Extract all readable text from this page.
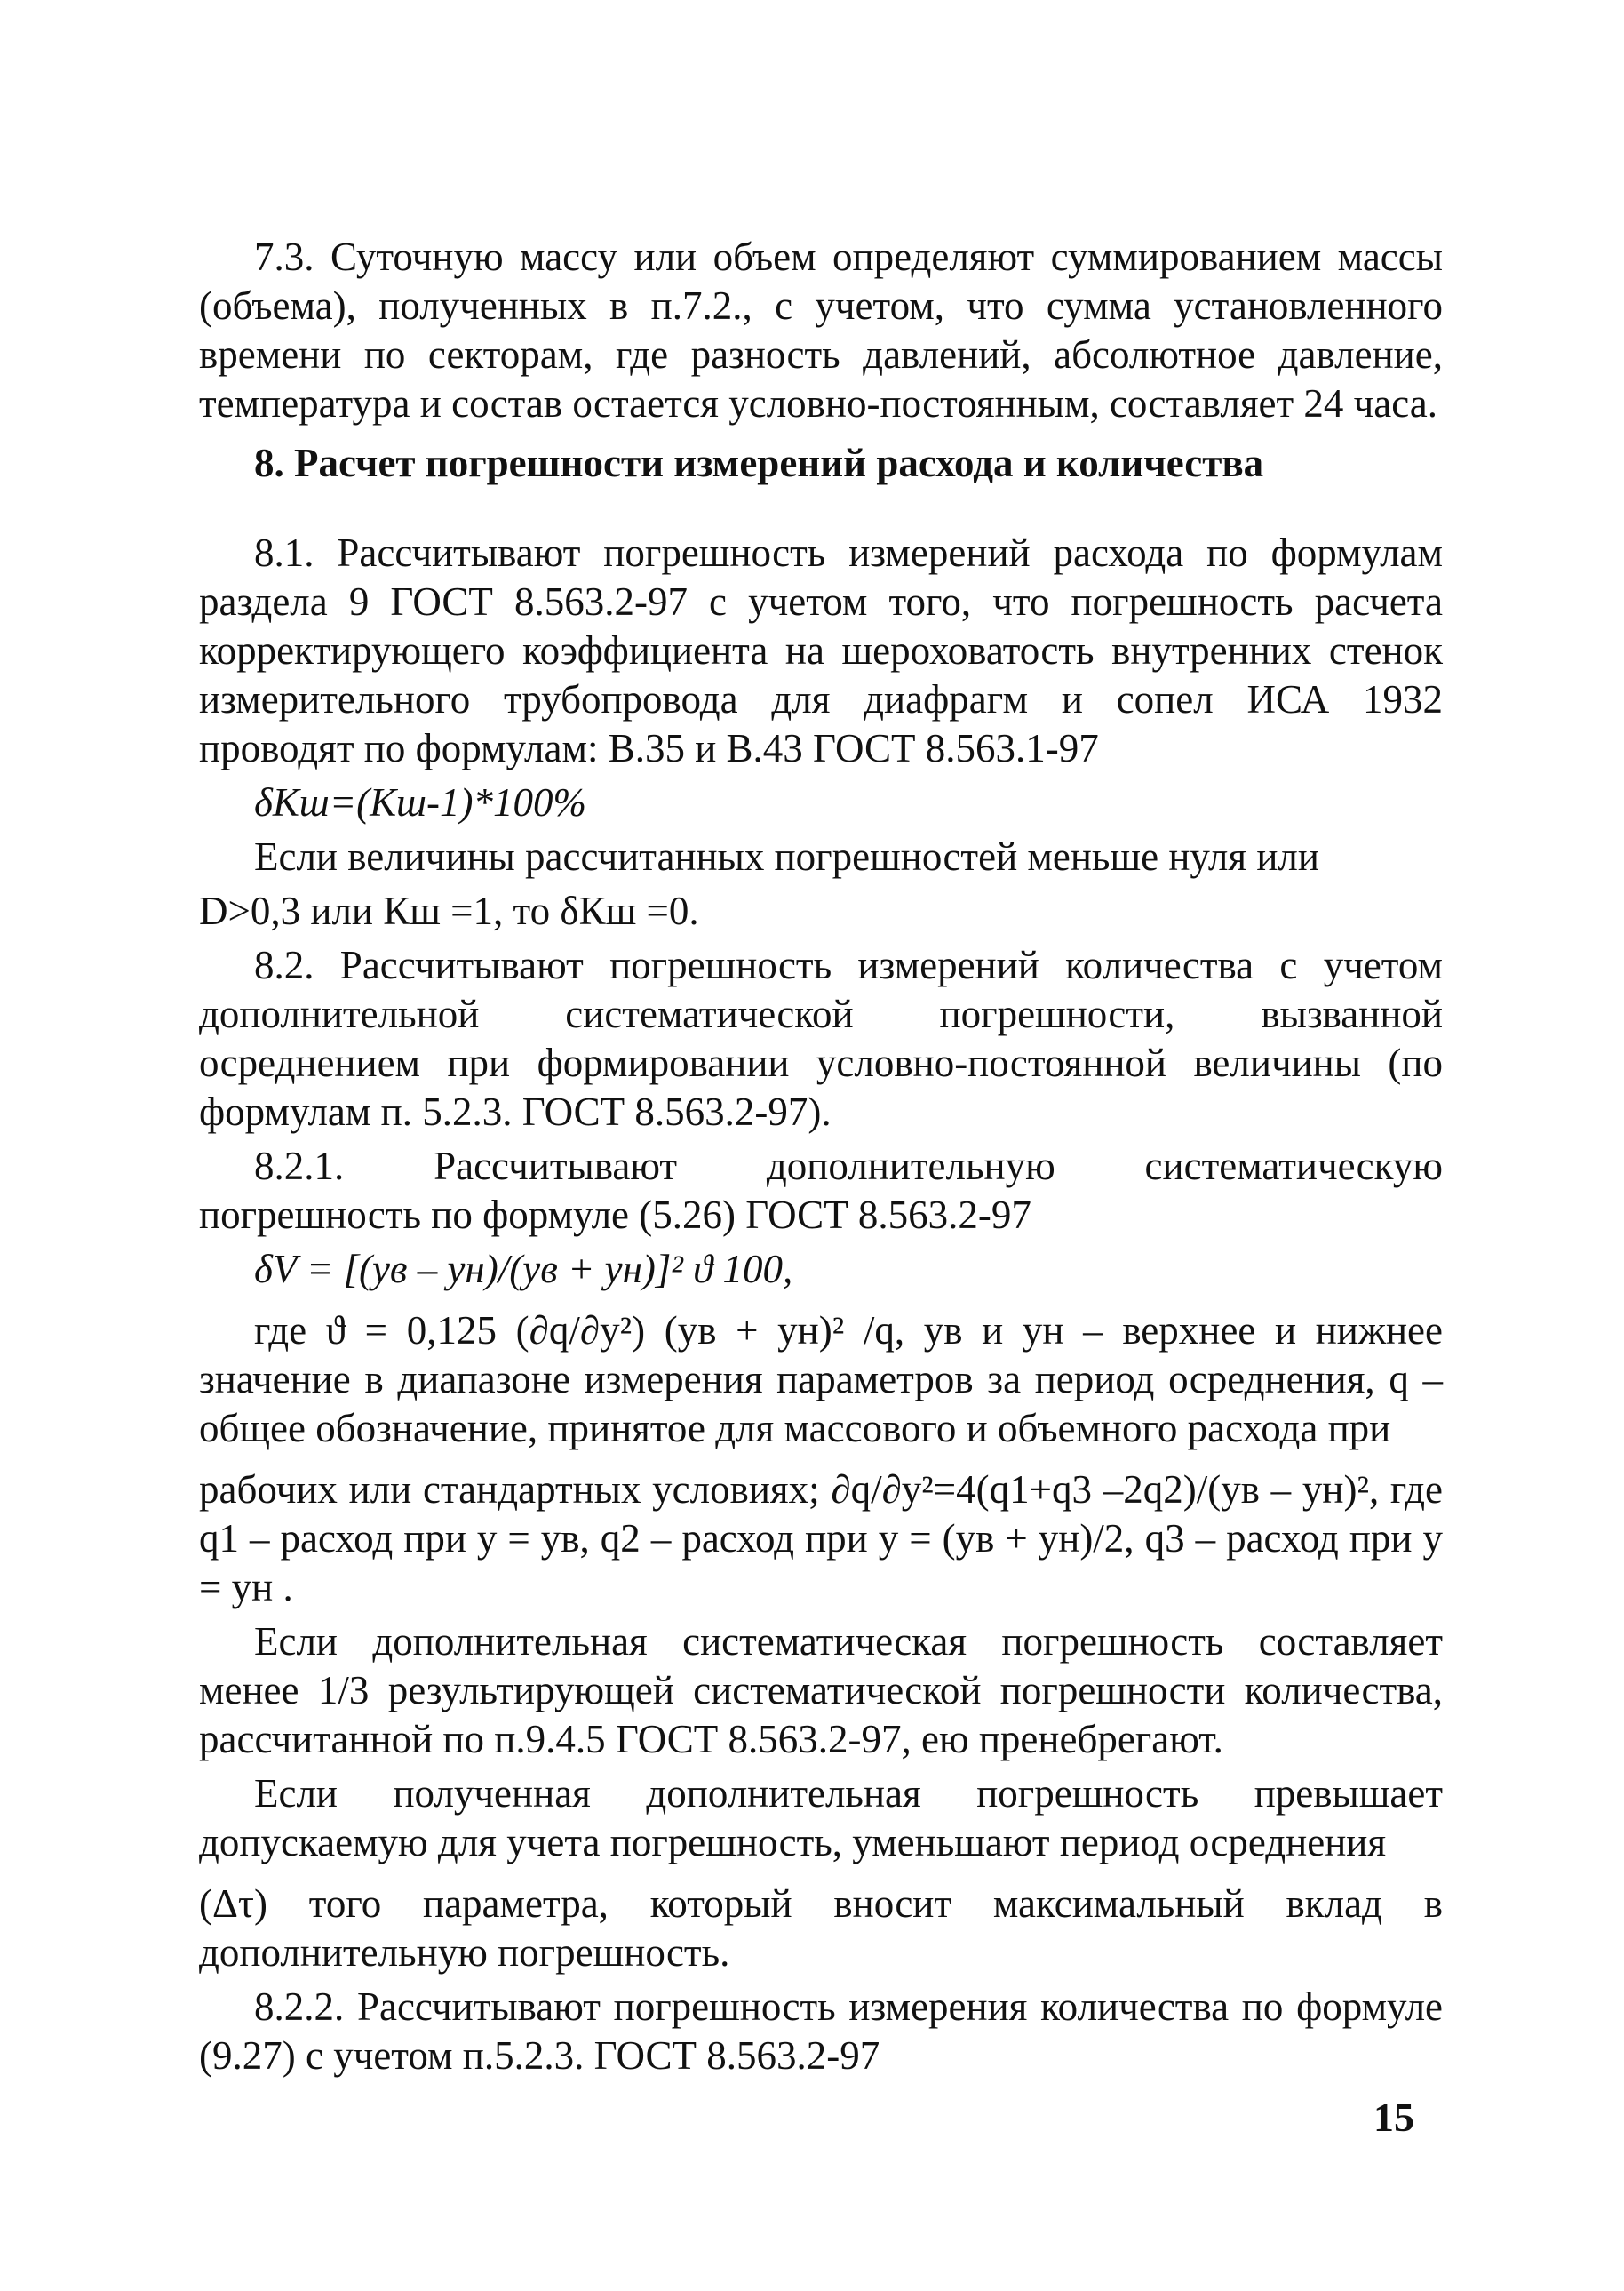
7.3. Суточную массу или объем определяют суммированием массы (объема), полученных в п.7.2., с учетом, что сумма установленного времени по секторам, где разность давлений, абсолютное давление, температура и состав остается условно-постоянным, составляет 24 часа.

8. Расчет погрешности измерений расхода и количества

8.1. Рассчитывают погрешность измерений расхода по формулам раздела 9 ГОСТ 8.563.2-97 с учетом того, что погрешность расчета корректирующего коэффициента на шероховатость внутренних стенок измерительного трубопровода для диафрагм и сопел ИСА 1932 проводят по формулам: В.35 и В.43 ГОСТ 8.563.1-97

δКш=(Кш-1)*100%

Если величины рассчитанных погрешностей меньше нуля или

D>0,3 или Кш =1, то δКш =0.

8.2. Рассчитывают погрешность измерений количества с учетом дополнительной систематической погрешности, вызванной осреднением при формировании условно-постоянной величины (по формулам п. 5.2.3. ГОСТ 8.563.2-97).

8.2.1. Рассчитывают дополнительную систематическую

погрешность по формуле (5.26) ГОСТ 8.563.2-97

δV = [(yв – yн)/(yв + yн)]² ϑ 100,

где ϑ = 0,125 (∂q/∂y²) (yв + yн)² /q, yв и yн – верхнее и нижнее значение в диапазоне измерения параметров за период осреднения, q – общее обозначение, принятое для массового и объемного расхода при

рабочих или стандартных условиях; ∂q/∂y²=4(q1+q3 –2q2)/(yв – yн)², где q1 – расход при y = yв, q2 – расход при y = (yв + yн)/2, q3 – расход при y = yн .

Если дополнительная систематическая погрешность составляет менее 1/3 результирующей систематической погрешности количества, рассчитанной по п.9.4.5 ГОСТ 8.563.2-97, ею пренебрегают.

Если полученная дополнительная погрешность превышает допускаемую для учета погрешность, уменьшают период осреднения

(Δτ) того параметра, который вносит максимальный вклад в дополнительную погрешность.

8.2.2. Рассчитывают погрешность измерения количества по формуле (9.27) с учетом п.5.2.3. ГОСТ 8.563.2-97

15
